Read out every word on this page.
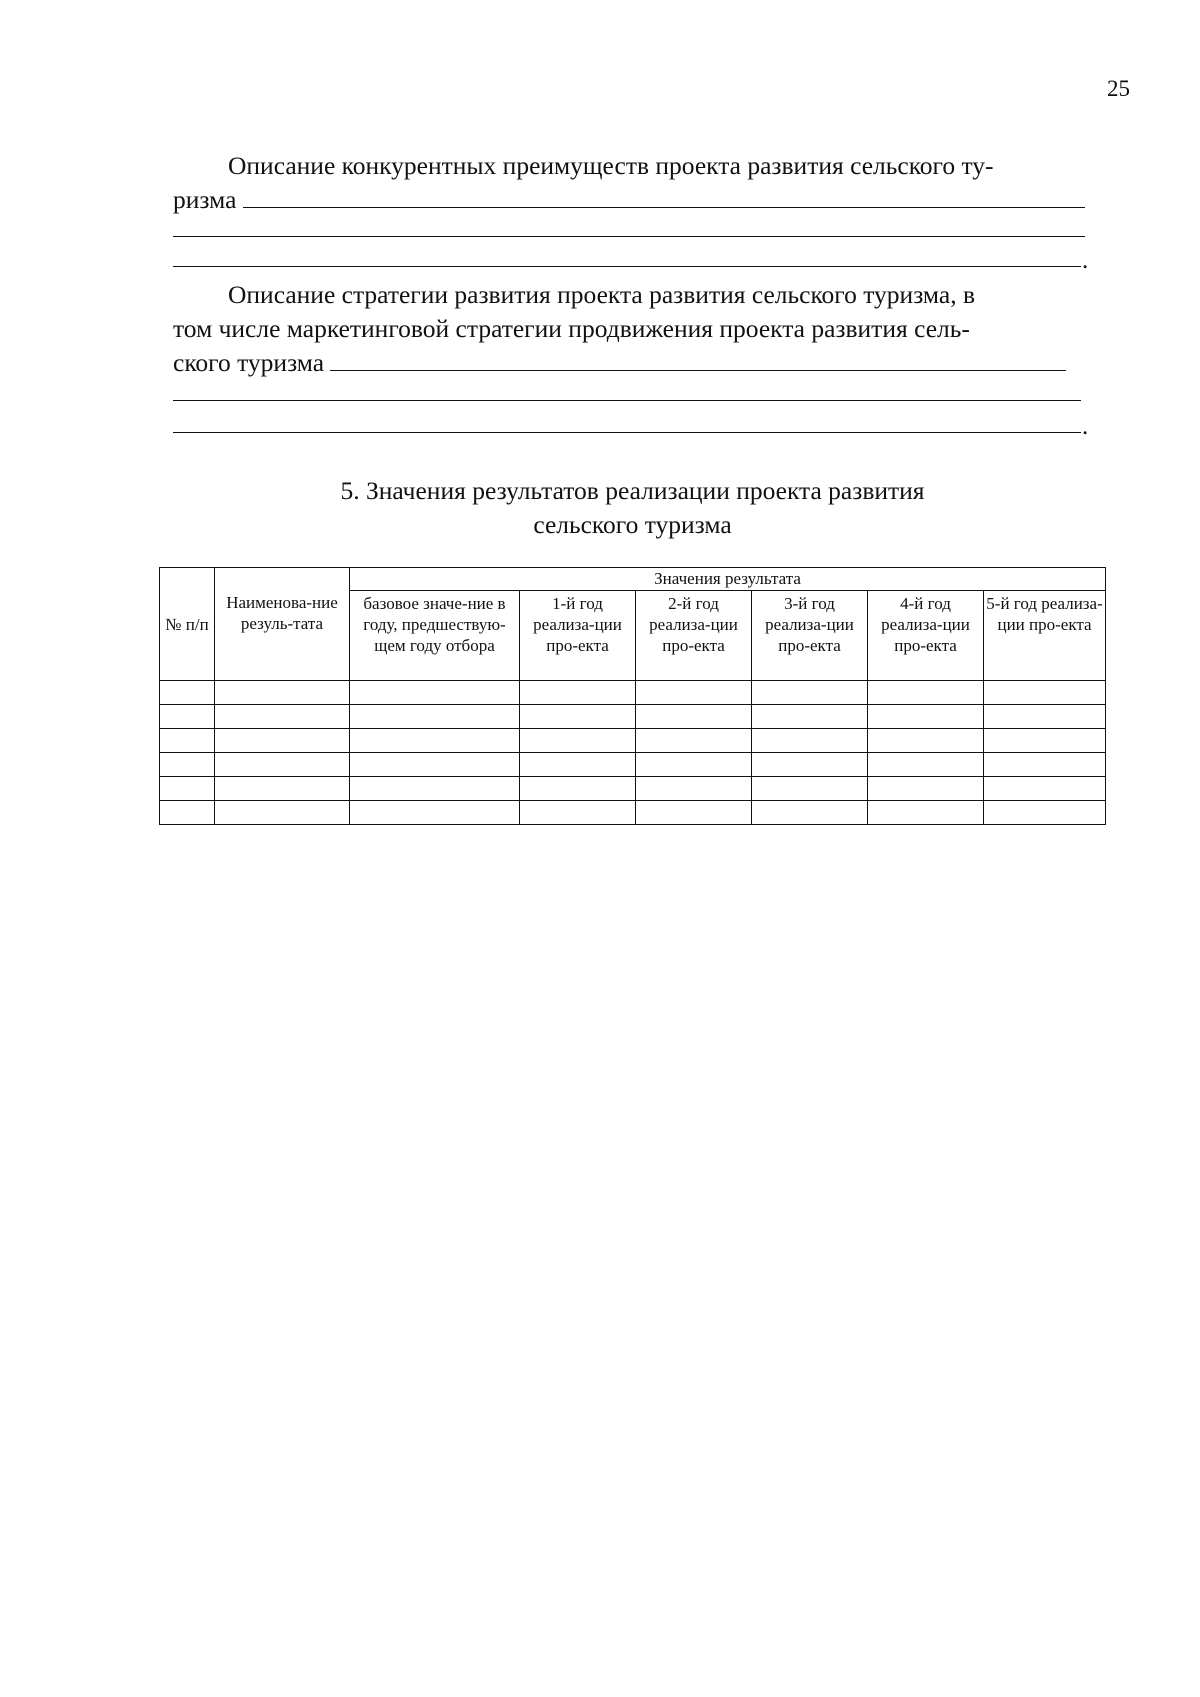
25
Описание конкурентных преимуществ проекта развития сельского ту-
ризма
.
Описание стратегии развития проекта развития сельского туризма, в
том числе маркетинговой стратегии продвижения проекта развития сель-
ского туризма
.
5. Значения результатов реализации проекта развития
сельского туризма
№ п/п	Наименова-ние резуль-тата	Значения результата					
		базовое значе-ние в году, предшествую-щем году отбора	1-й год реализа-ции про-екта	2-й год реализа-ции про-екта	3-й год реализа-ции про-екта	4-й год реализа-ции про-екта	5-й год реализа-ции про-екта
